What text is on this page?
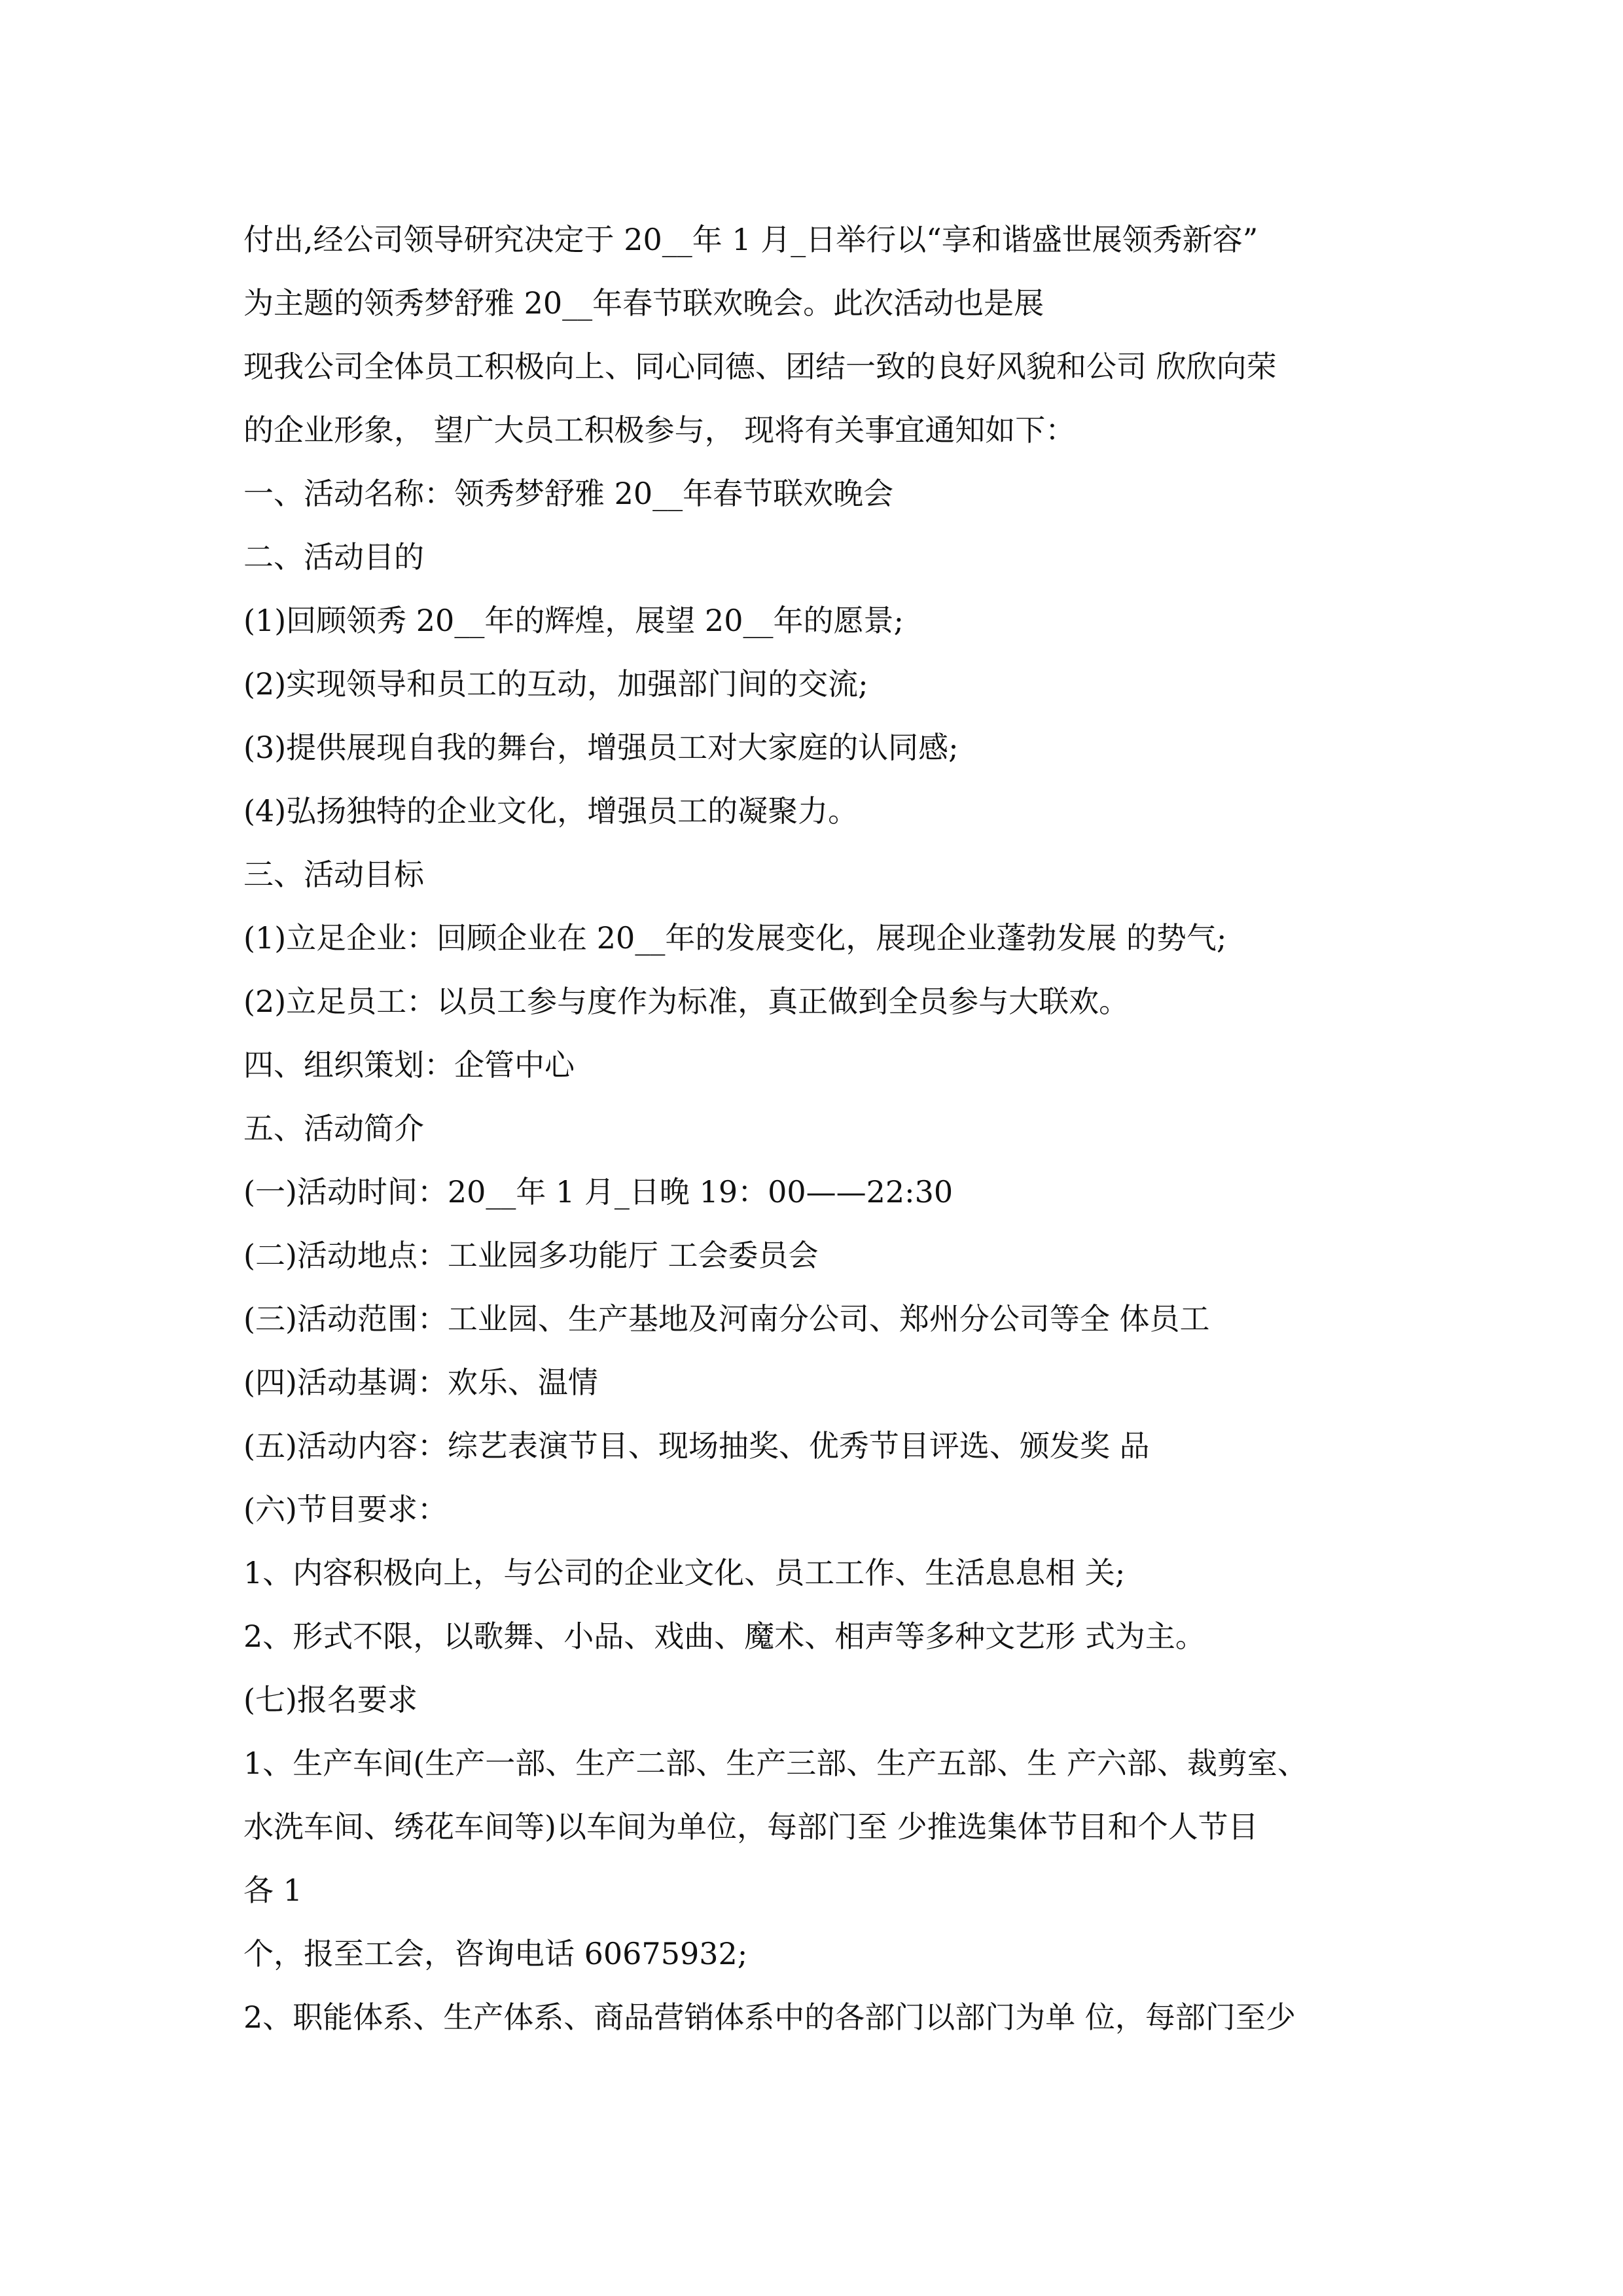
付出,经公司领导研究决定于 20__年 1 月_日举行以“享和谐盛世展领秀新容”
为主题的领秀梦舒雅 20__年春节联欢晚会。此次活动也是展
现我公司全体员工积极向上、同心同德、团结一致的良好风貌和公司 欣欣向荣
的企业形象， 望广大员工积极参与， 现将有关事宜通知如下：
一、活动名称：领秀梦舒雅 20__年春节联欢晚会
二、活动目的
(1)回顾领秀 20__年的辉煌，展望 20__年的愿景;
(2)实现领导和员工的互动，加强部门间的交流;
(3)提供展现自我的舞台，增强员工对大家庭的认同感;
(4)弘扬独特的企业文化，增强员工的凝聚力。
三、活动目标
(1)立足企业：回顾企业在 20__年的发展变化，展现企业蓬勃发展 的势气;
(2)立足员工：以员工参与度作为标准，真正做到全员参与大联欢。
四、组织策划：企管中心
五、活动简介
(一)活动时间：20__年 1 月_日晚 19：00——22:30
(二)活动地点：工业园多功能厅 工会委员会
(三)活动范围：工业园、生产基地及河南分公司、郑州分公司等全 体员工
(四)活动基调：欢乐、温情
(五)活动内容：综艺表演节目、现场抽奖、优秀节目评选、颁发奖 品
(六)节目要求：
1、内容积极向上，与公司的企业文化、员工工作、生活息息相 关;
2、形式不限，以歌舞、小品、戏曲、魔术、相声等多种文艺形 式为主。
(七)报名要求
1、生产车间(生产一部、生产二部、生产三部、生产五部、生 产六部、裁剪室、
水洗车间、绣花车间等)以车间为单位，每部门至 少推选集体节目和个人节目
各 1
个，报至工会，咨询电话 60675932;
2、职能体系、生产体系、商品营销体系中的各部门以部门为单 位，每部门至少
